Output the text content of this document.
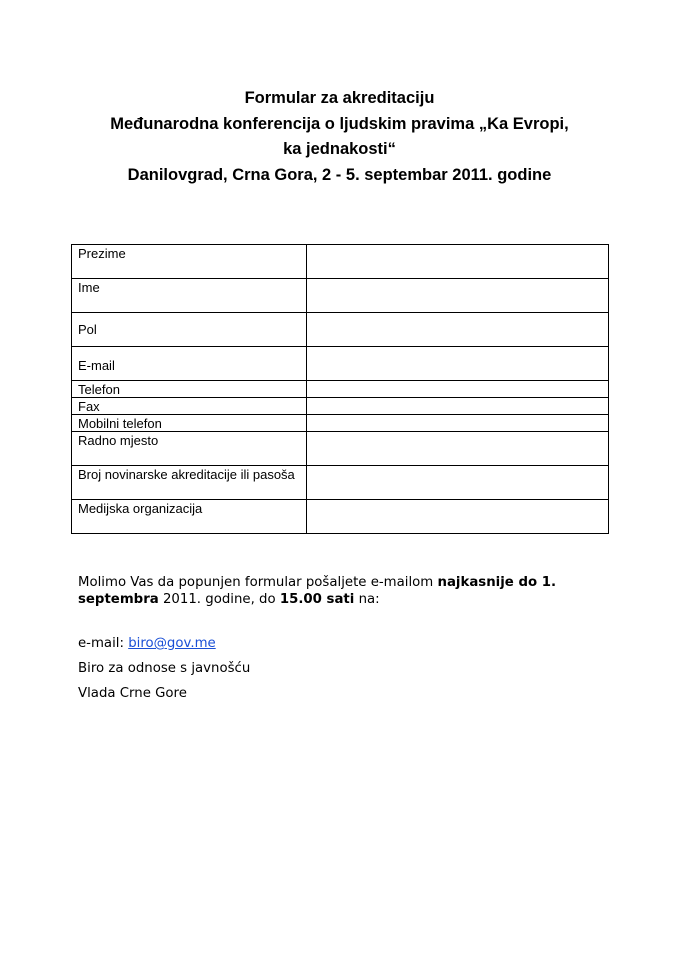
Formular za akreditaciju
Međunarodna konferencija o ljudskim pravima „Ka Evropi,
ka jednakosti“
Danilovgrad, Crna Gora, 2 - 5. septembar 2011. godine
Prezime	
Ime	
Pol	
E-mail	
Telefon	
Fax	
Mobilni telefon	
Radno mjesto	
Broj novinarske akreditacije ili pasoša	
Medijska organizacija	
Molimo Vas da popunjen formular pošaljete e-mailom najkasnije do 1. septembra 2011. godine, do 15.00 sati na:
e-mail: biro@gov.me
Biro za odnose s javnošću
Vlada Crne Gore
